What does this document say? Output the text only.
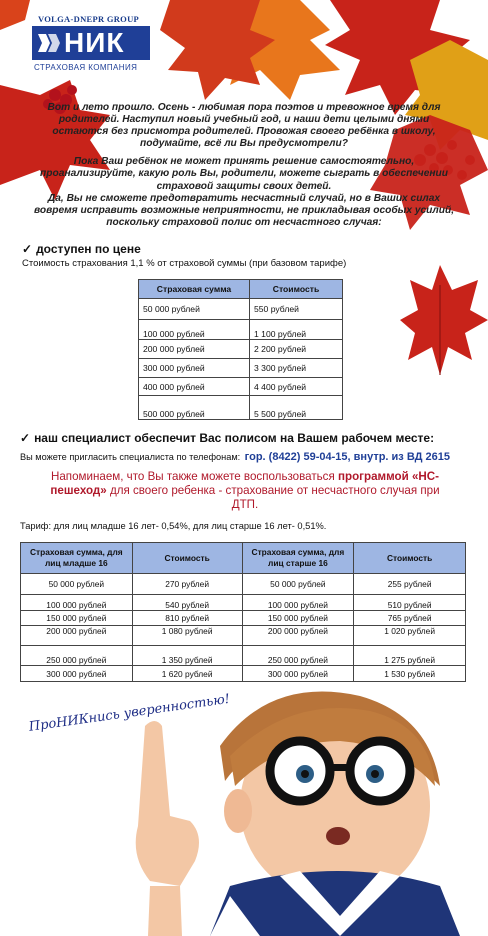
VOLGA-DNEPR GROUP
НИК
СТРАХОВАЯ КОМПАНИЯ

Вот и лето прошло. Осень - любимая пора поэтов и тревожное время для родителей. Наступил новый учебный год, и наши дети целыми днями остаются без присмотра родителей. Провожая своего ребёнка в школу, подумайте, всё ли Вы предусмотрели?

Пока Ваш ребёнок не может принять решение самостоятельно, проанализируйте, какую роль Вы, родители, можете сыграть в обеспечении страховой защиты своих детей.

Да, Вы не сможете предотвратить несчастный случай, но в Ваших силах вовремя исправить возможные неприятности, не прикладывая особых усилий, поскольку страховой полис от несчастного случая:

✓ доступен по цене
Стоимость страхования 1,1 % от страховой суммы (при базовом тарифе)
Страховая сумма	Стоимость
50 000 рублей	550 рублей
100 000 рублей	1 100 рублей
200 000 рублей	2 200 рублей
300 000 рублей	3 300 рублей
400 000 рублей	4 400 рублей
500 000 рублей	5 500 рублей
✓ наш специалист обеспечит Вас полисом на Вашем рабочем месте:
Вы можете пригласить специалиста по телефонам: гор. (8422) 59-04-15, внутр. из ВД 2615
Напоминаем, что Вы также можете воспользоваться программой «НС-пешеход» для своего ребенка - страхование от несчастного случая при ДТП.
Тариф: для лиц младше 16 лет- 0,54%, для лиц старше 16 лет- 0,51%.
Страховая сумма, для лиц младше 16	Стоимость	Страховая сумма, для лиц старше 16	Стоимость
50 000 рублей	270 рублей	50 000 рублей	255 рублей
100 000 рублей	540 рублей	100 000 рублей	510 рублей
150 000 рублей	810 рублей	150 000 рублей	765 рублей
200 000 рублей	1 080 рублей	200 000 рублей	1 020 рублей
250 000 рублей	1 350 рублей	250 000 рублей	1 275 рублей
300 000 рублей	1 620 рублей	300 000 рублей	1 530 рублей
ПроНИКнись уверенностью!
